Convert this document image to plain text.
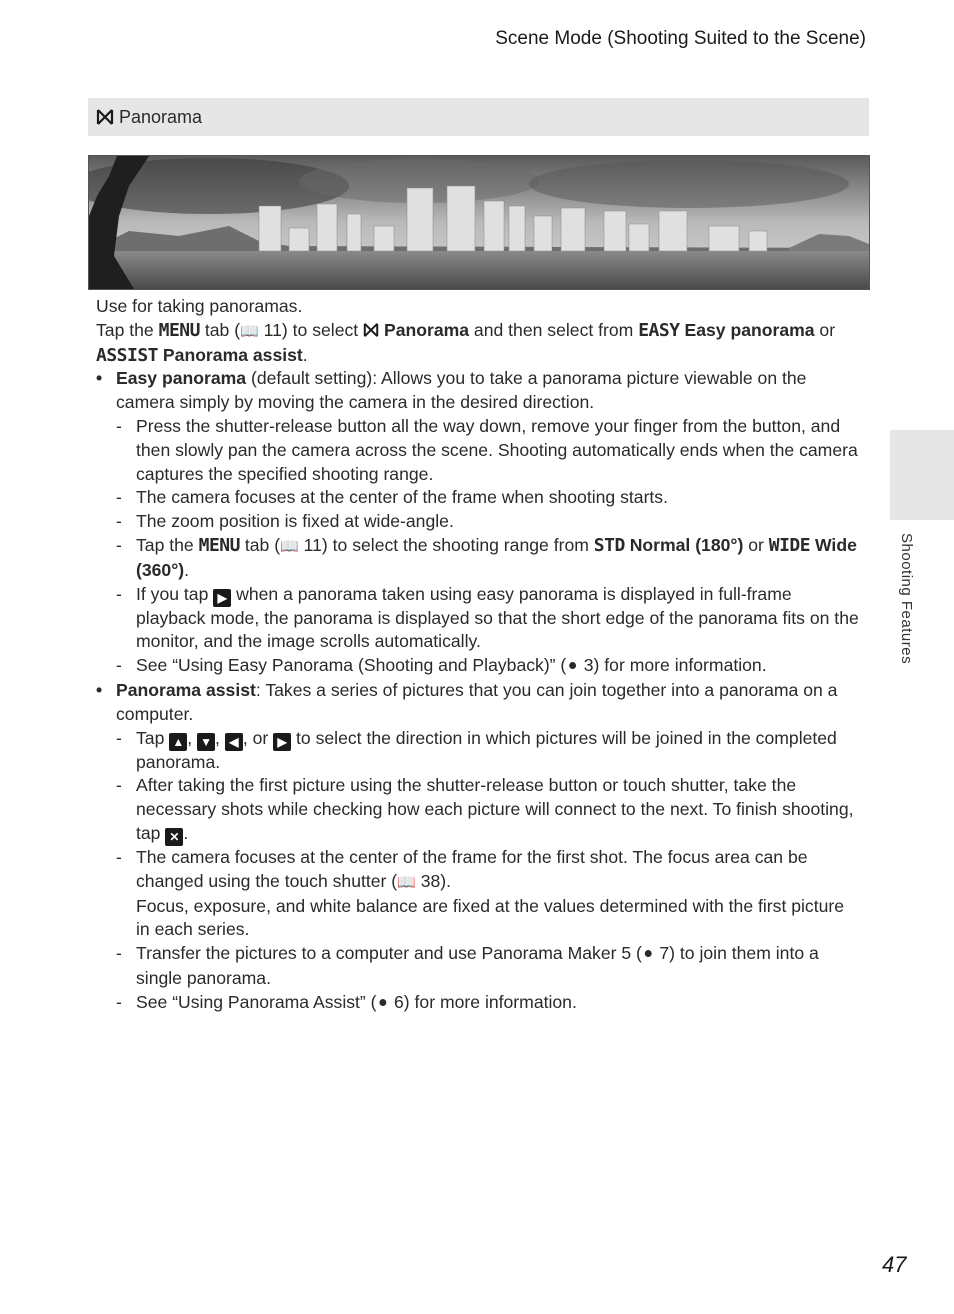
Scene Mode (Shooting Suited to the Scene)
Panorama

Use for taking panoramas.

Tap the MENU tab (📖 11) to select  Panorama and then select from EASY Easy panorama or ASSIST Panorama assist.

• Easy panorama (default setting): Allows you to take a panorama picture viewable on the camera simply by moving the camera in the desired direction.

- Press the shutter-release button all the way down, remove your finger from the button, and then slowly pan the camera across the scene. Shooting automatically ends when the camera captures the specified shooting range.

- The camera focuses at the center of the frame when shooting starts.

- The zoom position is fixed at wide-angle.

- Tap the MENU tab (📖 11) to select the shooting range from STD Normal (180°) or WIDE Wide (360°).

- If you tap ▶ when a panorama taken using easy panorama is displayed in full-frame playback mode, the panorama is displayed so that the short edge of the panorama fits on the monitor, and the image scrolls automatically.

- See “Using Easy Panorama (Shooting and Playback)” (⚫ 3) for more information.

• Panorama assist: Takes a series of pictures that you can join together into a panorama on a computer.

- Tap ▲ , ▼ , ◀ , or ▶ to select the direction in which pictures will be joined in the completed panorama.

- After taking the first picture using the shutter-release button or touch shutter, take the necessary shots while checking how each picture will connect to the next. To finish shooting, tap ✕ .

- The camera focuses at the center of the frame for the first shot. The focus area can be changed using the touch shutter (📖 38).

Focus, exposure, and white balance are fixed at the values determined with the first picture in each series.

- Transfer the pictures to a computer and use Panorama Maker 5 (⚫ 7) to join them into a single panorama.

- See “Using Panorama Assist” (⚫ 6) for more information.

Shooting Features
47
